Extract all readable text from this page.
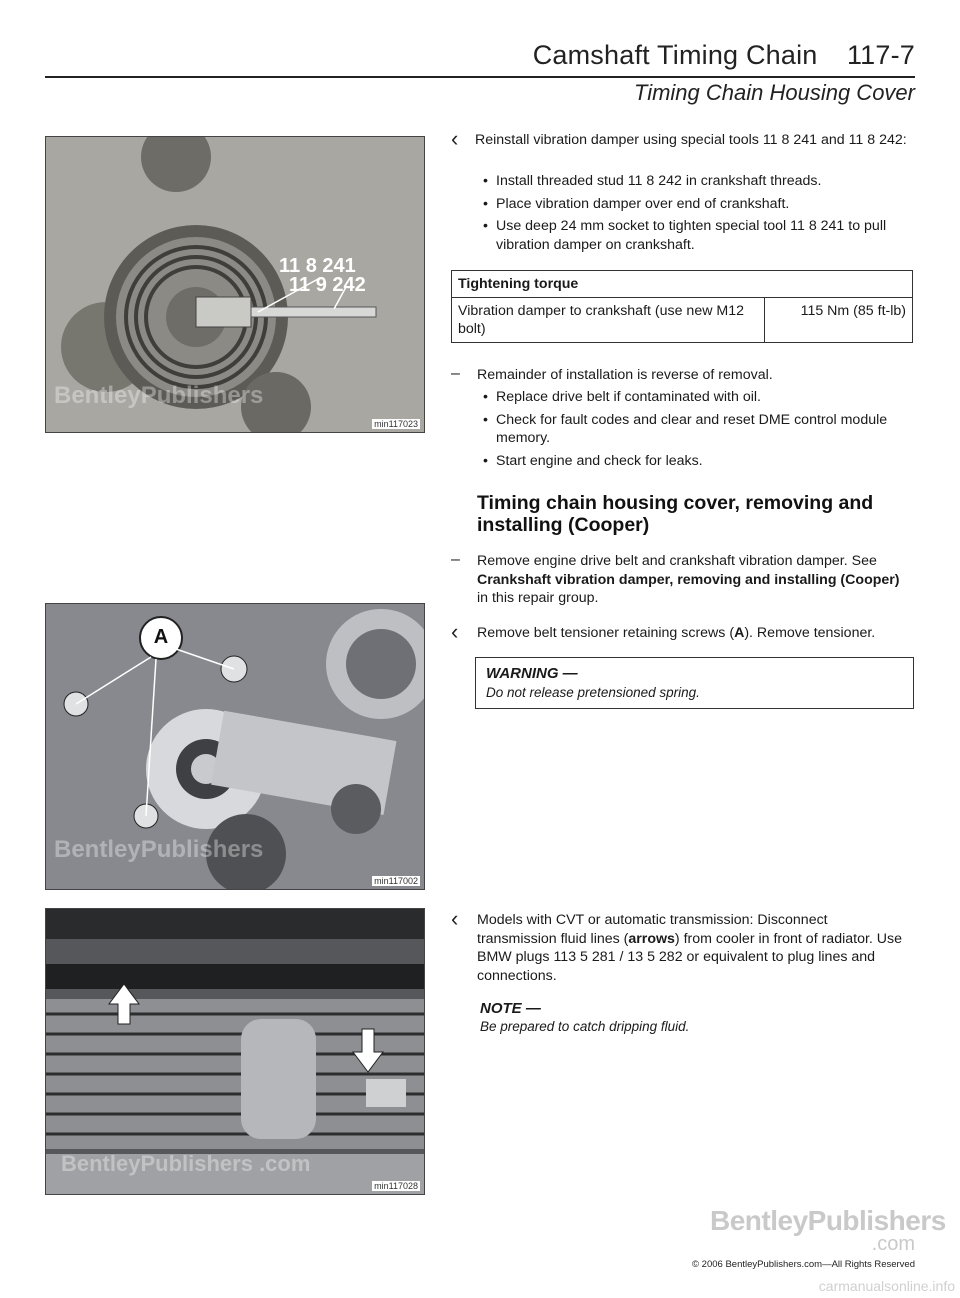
Camshaft Timing Chain 117-7
Timing Chain Housing Cover
11 8 241
11 9 242
BentleyPublishers
min117023
A
BentleyPublishers
min117002
BentleyPublishers .com
min117028
‹ Reinstall vibration damper using special tools 11 8 241 and 11 8 242:
• Install threaded stud 11 8 242 in crankshaft threads.
• Place vibration damper over end of crankshaft.
• Use deep 24 mm socket to tighten special tool 11 8 241 to pull vibration damper on crankshaft.
Tightening torque
Vibration damper to crankshaft (use new M12 bolt)	115 Nm (85 ft-lb)
– Remainder of installation is reverse of removal.
• Replace drive belt if contaminated with oil.
• Check for fault codes and clear and reset DME control module memory.
• Start engine and check for leaks.
Timing chain housing cover, removing and
installing (Cooper)
– Remove engine drive belt and crankshaft vibration damper. See
Crankshaft vibration damper, removing and installing (Cooper)
in this repair group.
‹ Remove belt tensioner retaining screws (A). Remove tensioner.
WARNING —
Do not release pretensioned spring.
‹ Models with CVT or automatic transmission: Disconnect transmission fluid lines (arrows) from cooler in front of radiator. Use BMW plugs 113 5 281 / 13 5 282 or equivalent to plug lines and connections.
NOTE —
Be prepared to catch dripping fluid.
BentleyPublishers
.com
© 2006 BentleyPublishers.com—All Rights Reserved
carmanualsonline.info
